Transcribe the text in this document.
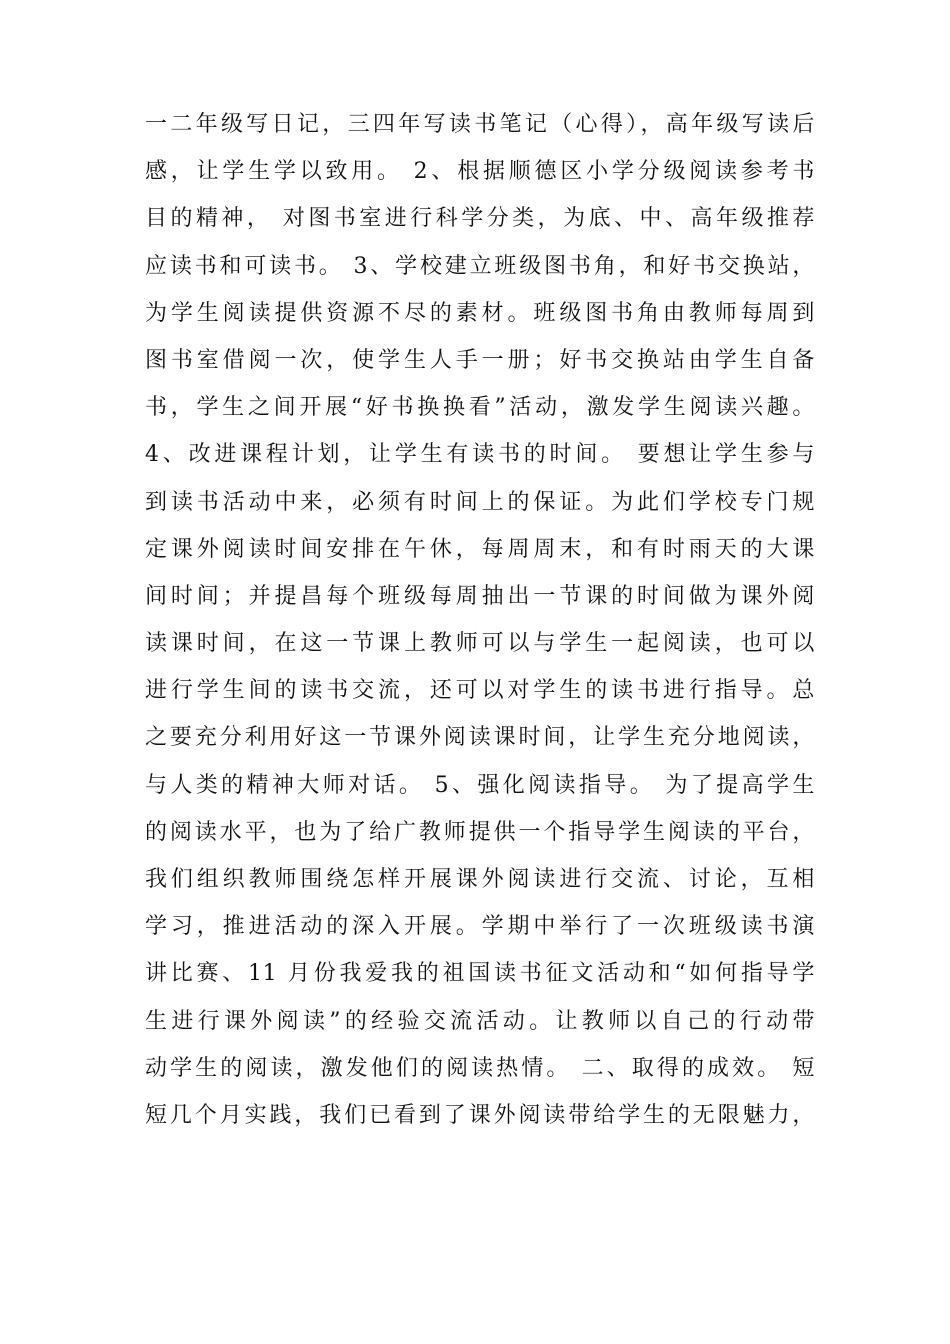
一二年级写日记，三四年写读书笔记（心得），高年级写读后
感，让学生学以致用。 2、根据顺德区小学分级阅读参考书
目的精神， 对图书室进行科学分类，为底、中、高年级推荐
应读书和可读书。 3、学校建立班级图书角，和好书交换站，
为学生阅读提供资源不尽的素材。班级图书角由教师每周到
图书室借阅一次，使学生人手一册；好书交换站由学生自备
书，学生之间开展“好书换换看”活动，激发学生阅读兴趣。
4、改进课程计划，让学生有读书的时间。 要想让学生参与
到读书活动中来，必须有时间上的保证。为此们学校专门规
定课外阅读时间安排在午休，每周周末，和有时雨天的大课
间时间；并提昌每个班级每周抽出一节课的时间做为课外阅
读课时间，在这一节课上教师可以与学生一起阅读，也可以
进行学生间的读书交流，还可以对学生的读书进行指导。总
之要充分利用好这一节课外阅读课时间，让学生充分地阅读，
与人类的精神大师对话。 5、强化阅读指导。 为了提高学生
的阅读水平，也为了给广教师提供一个指导学生阅读的平台，
我们组织教师围绕怎样开展课外阅读进行交流、讨论，互相
学习，推进活动的深入开展。学期中举行了一次班级读书演
讲比赛、11 月份我爱我的祖国读书征文活动和“如何指导学
生进行课外阅读”的经验交流活动。让教师以自己的行动带
动学生的阅读，激发他们的阅读热情。 二、取得的成效。 短
短几个月实践，我们已看到了课外阅读带给学生的无限魅力，
